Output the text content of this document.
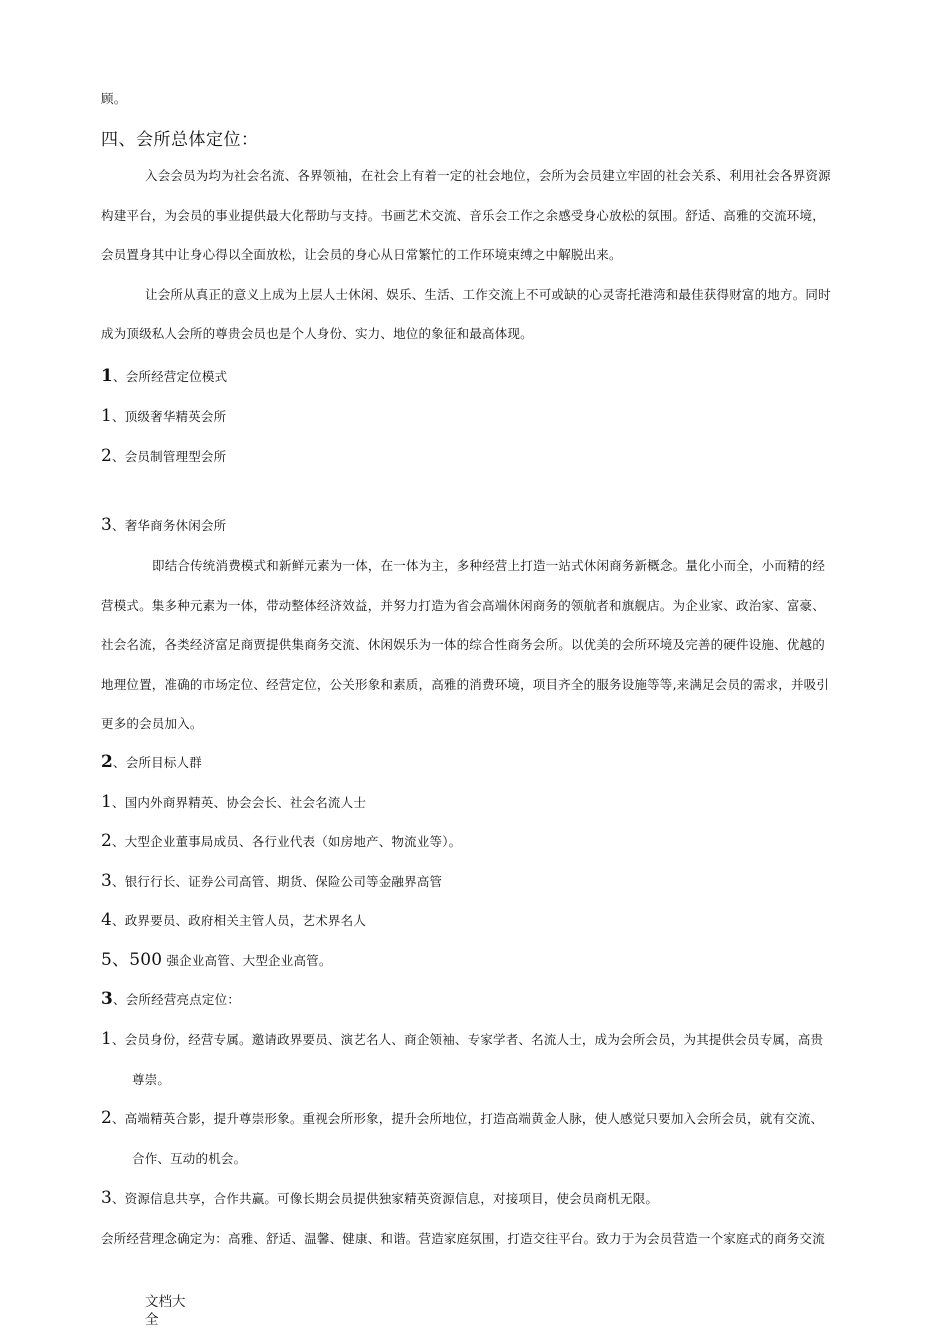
顾。
四、会所总体定位：
入会会员为均为社会名流、各界领袖，在社会上有着一定的社会地位，会所为会员建立牢固的社会关系、利用社会各界资源
构建平台，为会员的事业提供最大化帮助与支持。书画艺术交流、音乐会工作之余感受身心放松的氛围。舒适、高雅的交流环境，
会员置身其中让身心得以全面放松，让会员的身心从日常繁忙的工作环境束缚之中解脱出来。
让会所从真正的意义上成为上层人士休闲、娱乐、生活、工作交流上不可或缺的心灵寄托港湾和最佳获得财富的地方。同时
成为顶级私人会所的尊贵会员也是个人身份、实力、地位的象征和最高体现。
1、会所经营定位模式
1、顶级奢华精英会所
2、会员制管理型会所
3、奢华商务休闲会所
即结合传统消费模式和新鲜元素为一体，在一体为主，多种经营上打造一站式休闲商务新概念。量化小而全，小而精的经
营模式。集多种元素为一体，带动整体经济效益，并努力打造为省会高端休闲商务的领航者和旗舰店。为企业家、政治家、富豪、
社会名流，各类经济富足商贾提供集商务交流、休闲娱乐为一体的综合性商务会所。以优美的会所环境及完善的硬件设施、优越的
地理位置，准确的市场定位、经营定位，公关形象和素质，高雅的消费环境，项目齐全的服务设施等等,来满足会员的需求，并吸引
更多的会员加入。
2、会所目标人群
1、国内外商界精英、协会会长、社会名流人士
2、大型企业董事局成员、各行业代表（如房地产、物流业等）。
3、银行行长、证券公司高管、期货、保险公司等金融界高管
4、政界要员、政府相关主管人员，艺术界名人
5、500 强企业高管、大型企业高管。
3、会所经营亮点定位：
1、会员身份，经营专属。邀请政界要员、演艺名人、商企领袖、专家学者、名流人士，成为会所会员，为其提供会员专属，高贵
尊崇。
2、高端精英合影，提升尊崇形象。重视会所形象，提升会所地位，打造高端黄金人脉，使人感觉只要加入会所会员，就有交流、
合作、互动的机会。
3、资源信息共享，合作共赢。可像长期会员提供独家精英资源信息，对接项目，使会员商机无限。
会所经营理念确定为：高雅、舒适、温馨、健康、和谐。营造家庭氛围，打造交往平台。致力于为会员营造一个家庭式的商务交流
文档大全
